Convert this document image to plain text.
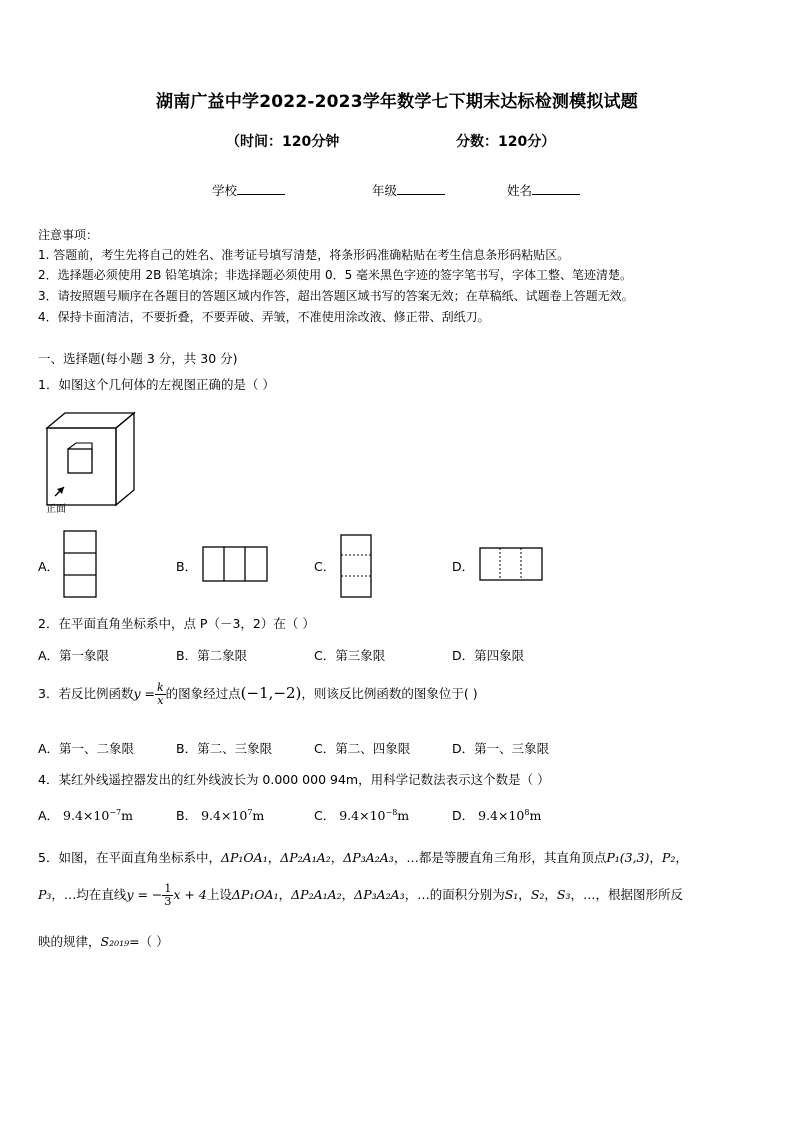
湖南广益中学2022-2023学年数学七下期末达标检测模拟试题
（时间：120分钟	分数：120分）
学校	年级	姓名
注意事项：
1. 答题前，考生先将自己的姓名、准考证号填写清楚，将条形码准确粘贴在考生信息条形码粘贴区。
2．选择题必须使用 2B 铅笔填涂；非选择题必须使用 0．5 毫米黑色字迹的签字笔书写，字体工整、笔迹清楚。
3．请按照题号顺序在各题目的答题区域内作答，超出答题区域书写的答案无效；在草稿纸、试题卷上答题无效。
4．保持卡面清洁，不要折叠，不要弄破、弄皱，不准使用涂改液、修正带、刮纸刀。
一、选择题(每小题 3 分，共 30 分)
1．如图这个几何体的左视图正确的是（ ）
正面
A．	B．	C．	D．
2．在平面直角坐标系中，点 P（－3，2）在（ ）
A．第一象限	B．第二象限	C．第三象限	D．第四象限
3．若反比例函数$y = \frac{k}{x}$ 的图象经过点(−1,−2)，则该反比例函数的图象位于( )
A．第一、二象限	B．第二、三象限	C．第二、四象限	D．第一、三象限
4．某红外线遥控器发出的红外线波长为 0.000 000 94m，用科学记数法表示这个数是（ ）
A． $9.4\times 10^{-7}m$	B． $9.4\times 10^7m$	C． $9.4\times 10^{-8}m$	D． $9.4\times 10^8m$
5．如图，在平面直角坐标系中，ΔP₁OA₁，ΔP₂A₁A₂，ΔP₃A₂A₃，…都是等腰直角三角形，其直角顶点P₁(3,3)，P₂，
P₃，…均在直线y = − $\frac{1}{3}$ x + 4上设ΔP₁OA₁，ΔP₂A₁A₂，ΔP₃A₂A₃，…的面积分别为S₁，S₂，S₃，…，根据图形所反
映的规律，S₂₀₁₉=（ ）
